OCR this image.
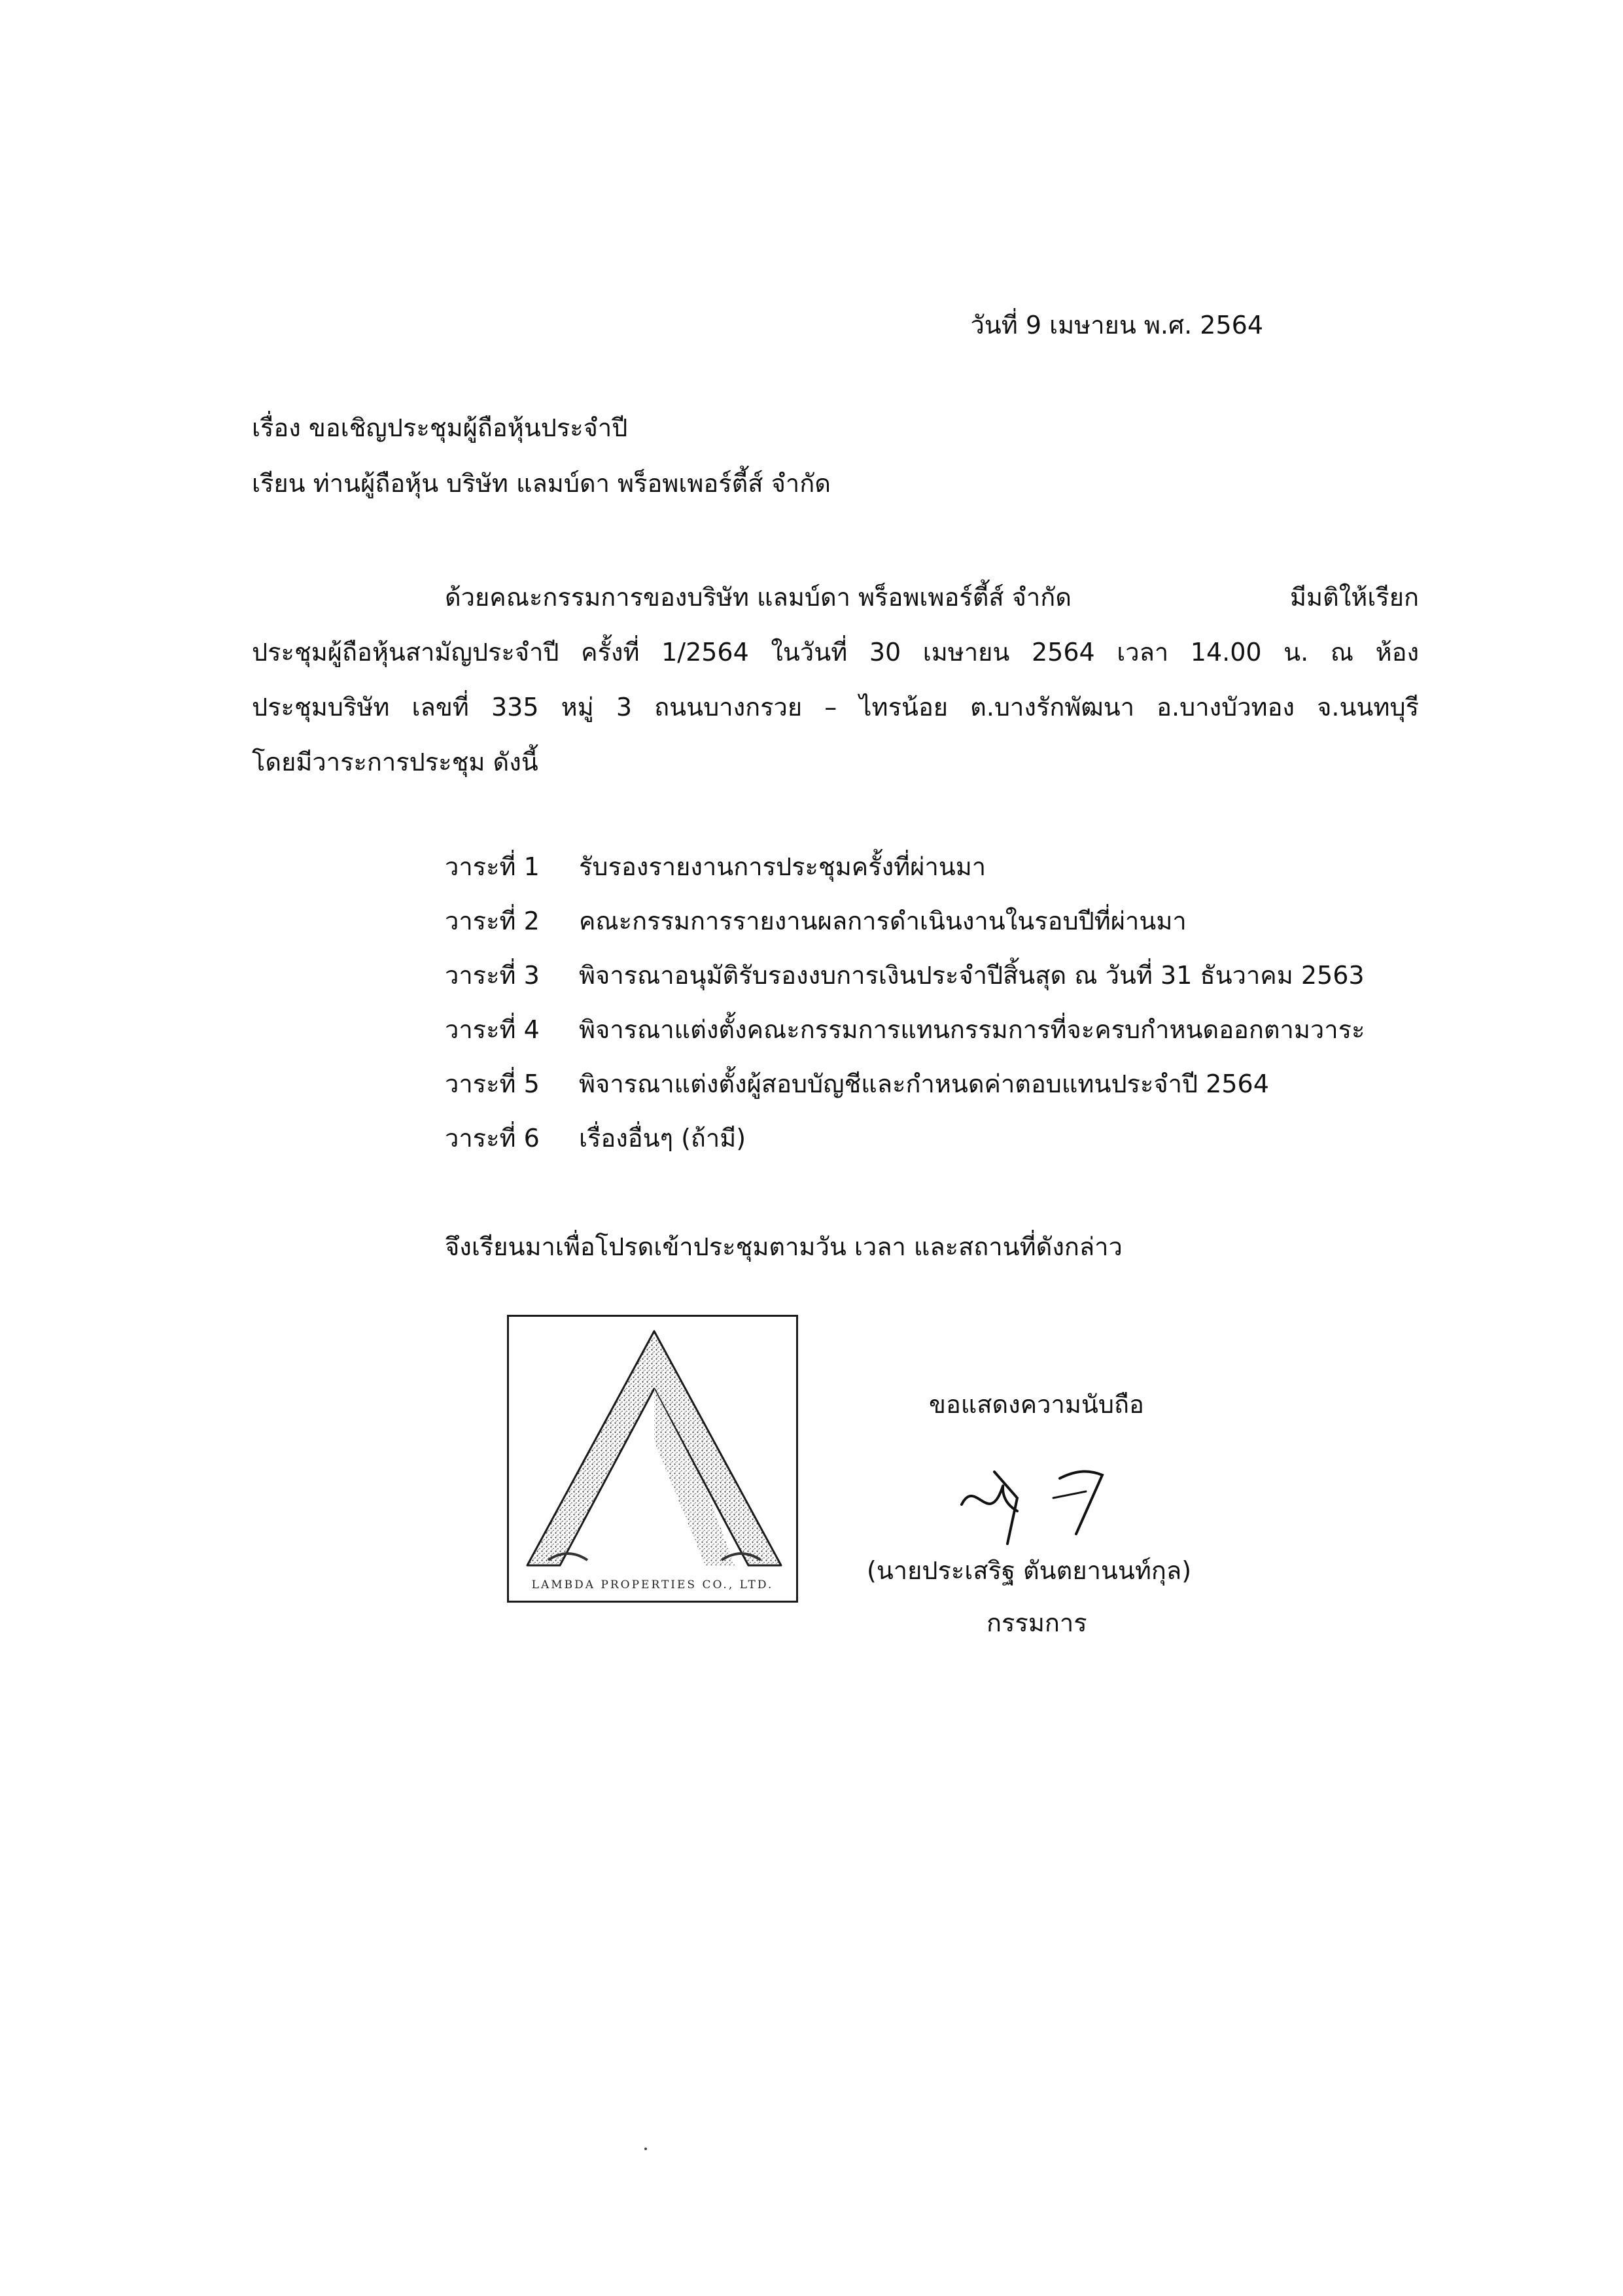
วันที่ 9 เมษายน พ.ศ. 2564
เรื่อง ขอเชิญประชุมผู้ถือหุ้นประจำปี
เรียน ท่านผู้ถือหุ้น บริษัท แลมบ์ดา พร็อพเพอร์ตี้ส์ จำกัด
ด้วยคณะกรรมการของบริษัท แลมบ์ดา พร็อพเพอร์ตี้ส์ จำกัด	มีมติให้เรียก
ประชุมผู้ถือหุ้นสามัญประจำปี ครั้งที่ 1/2564 ในวันที่ 30 เมษายน 2564 เวลา 14.00 น. ณ ห้อง
ประชุมบริษัท เลขที่ 335 หมู่ 3 ถนนบางกรวย – ไทรน้อย ต.บางรักพัฒนา อ.บางบัวทอง จ.นนทบุรี
โดยมีวาระการประชุม ดังนี้
วาระที่ 1 รับรองรายงานการประชุมครั้งที่ผ่านมา
วาระที่ 2 คณะกรรมการรายงานผลการดำเนินงานในรอบปีที่ผ่านมา
วาระที่ 3 พิจารณาอนุมัติรับรองงบการเงินประจำปีสิ้นสุด ณ วันที่ 31 ธันวาคม 2563
วาระที่ 4 พิจารณาแต่งตั้งคณะกรรมการแทนกรรมการที่จะครบกำหนดออกตามวาระ
วาระที่ 5 พิจารณาแต่งตั้งผู้สอบบัญชีและกำหนดค่าตอบแทนประจำปี 2564
วาระที่ 6 เรื่องอื่นๆ (ถ้ามี)
จึงเรียนมาเพื่อโปรดเข้าประชุมตามวัน เวลา และสถานที่ดังกล่าว
LAMBDA PROPERTIES CO., LTD.
ขอแสดงความนับถือ
(นายประเสริฐ ตันตยานนท์กุล)
กรรมการ
